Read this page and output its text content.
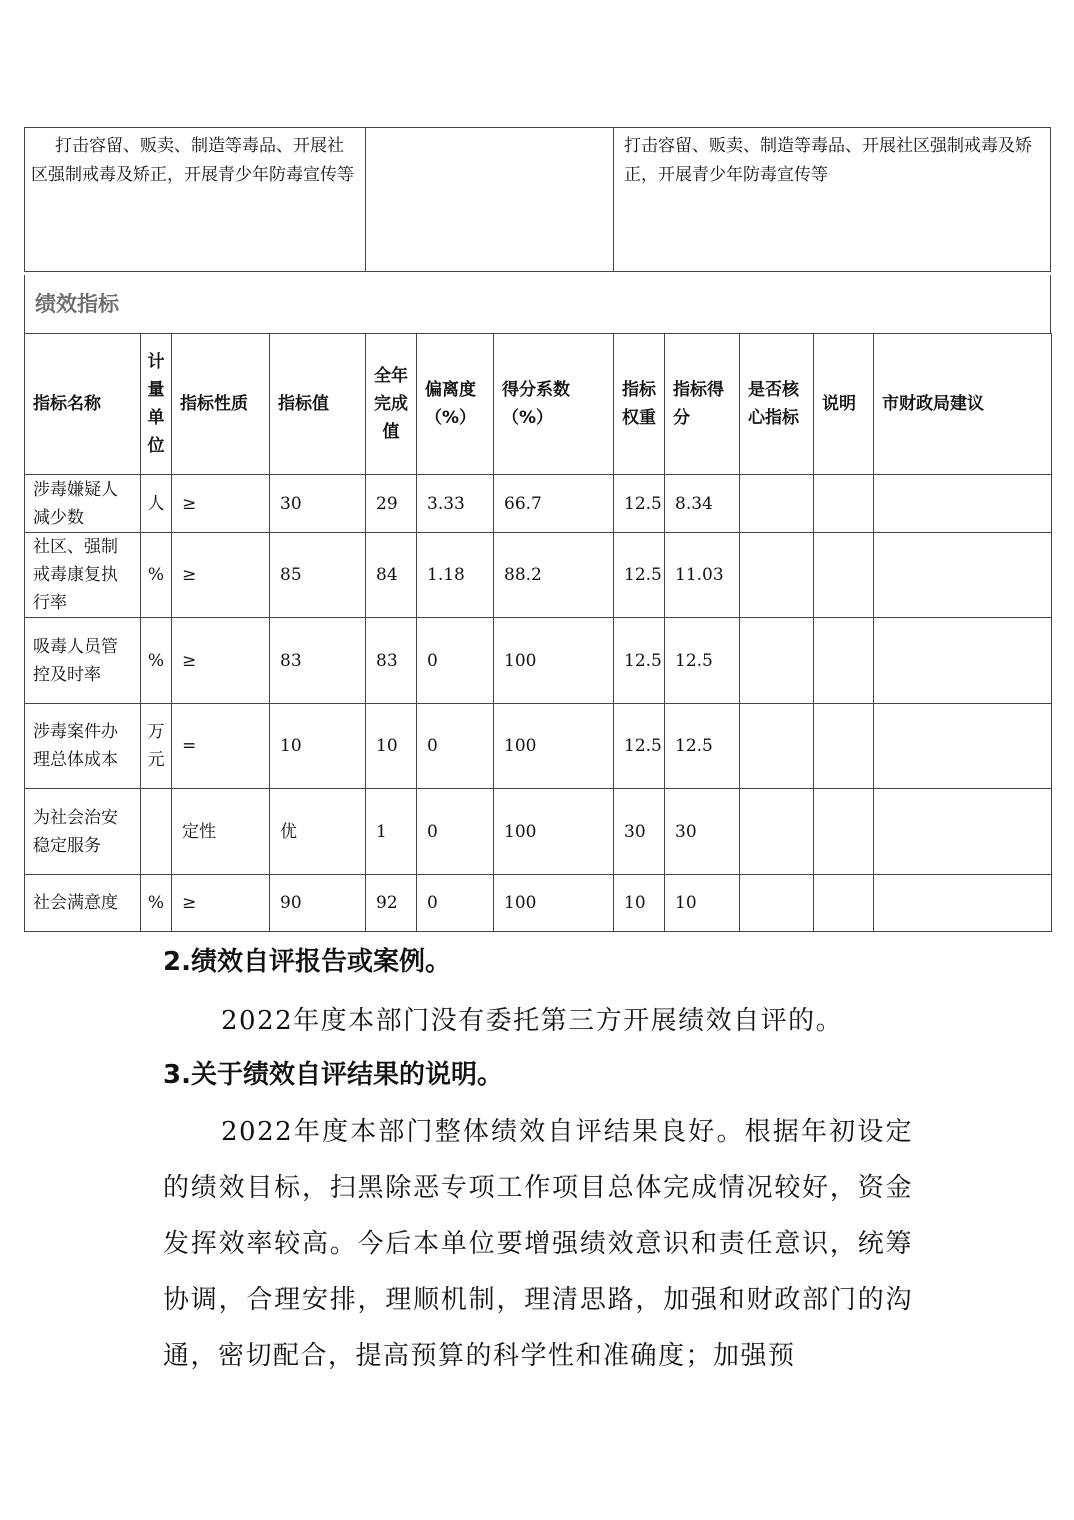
打击容留、贩卖、制造等毒品、开展社区强制戒毒及矫正，开展青少年防毒宣传等		打击容留、贩卖、制造等毒品、开展社区强制戒毒及矫正，开展青少年防毒宣传等
绩效指标
指标名称	计量单位	指标性质	指标值	全年完成值	偏离度（%）	得分系数（%）	指标权重	指标得分	是否核心指标	说明	市财政局建议
涉毒嫌疑人减少数	人	≥	30	29	3.33	66.7	12.5	8.34			
社区、强制戒毒康复执行率	%	≥	85	84	1.18	88.2	12.5	11.03			
吸毒人员管控及时率	%	≥	83	83	0	100	12.5	12.5			
涉毒案件办理总体成本	万元	=	10	10	0	100	12.5	12.5			
为社会治安稳定服务		定性	优	1	0	100	30	30			
社会满意度	%	≥	90	92	0	100	10	10			
2.绩效自评报告或案例。
2022年度本部门没有委托第三方开展绩效自评的。
3.关于绩效自评结果的说明。
2022年度本部门整体绩效自评结果良好。根据年初设定的绩效目标，扫黑除恶专项工作项目总体完成情况较好，资金发挥效率较高。今后本单位要增强绩效意识和责任意识，统筹协调，合理安排，理顺机制，理清思路，加强和财政部门的沟通，密切配合，提高预算的科学性和准确度；加强预
